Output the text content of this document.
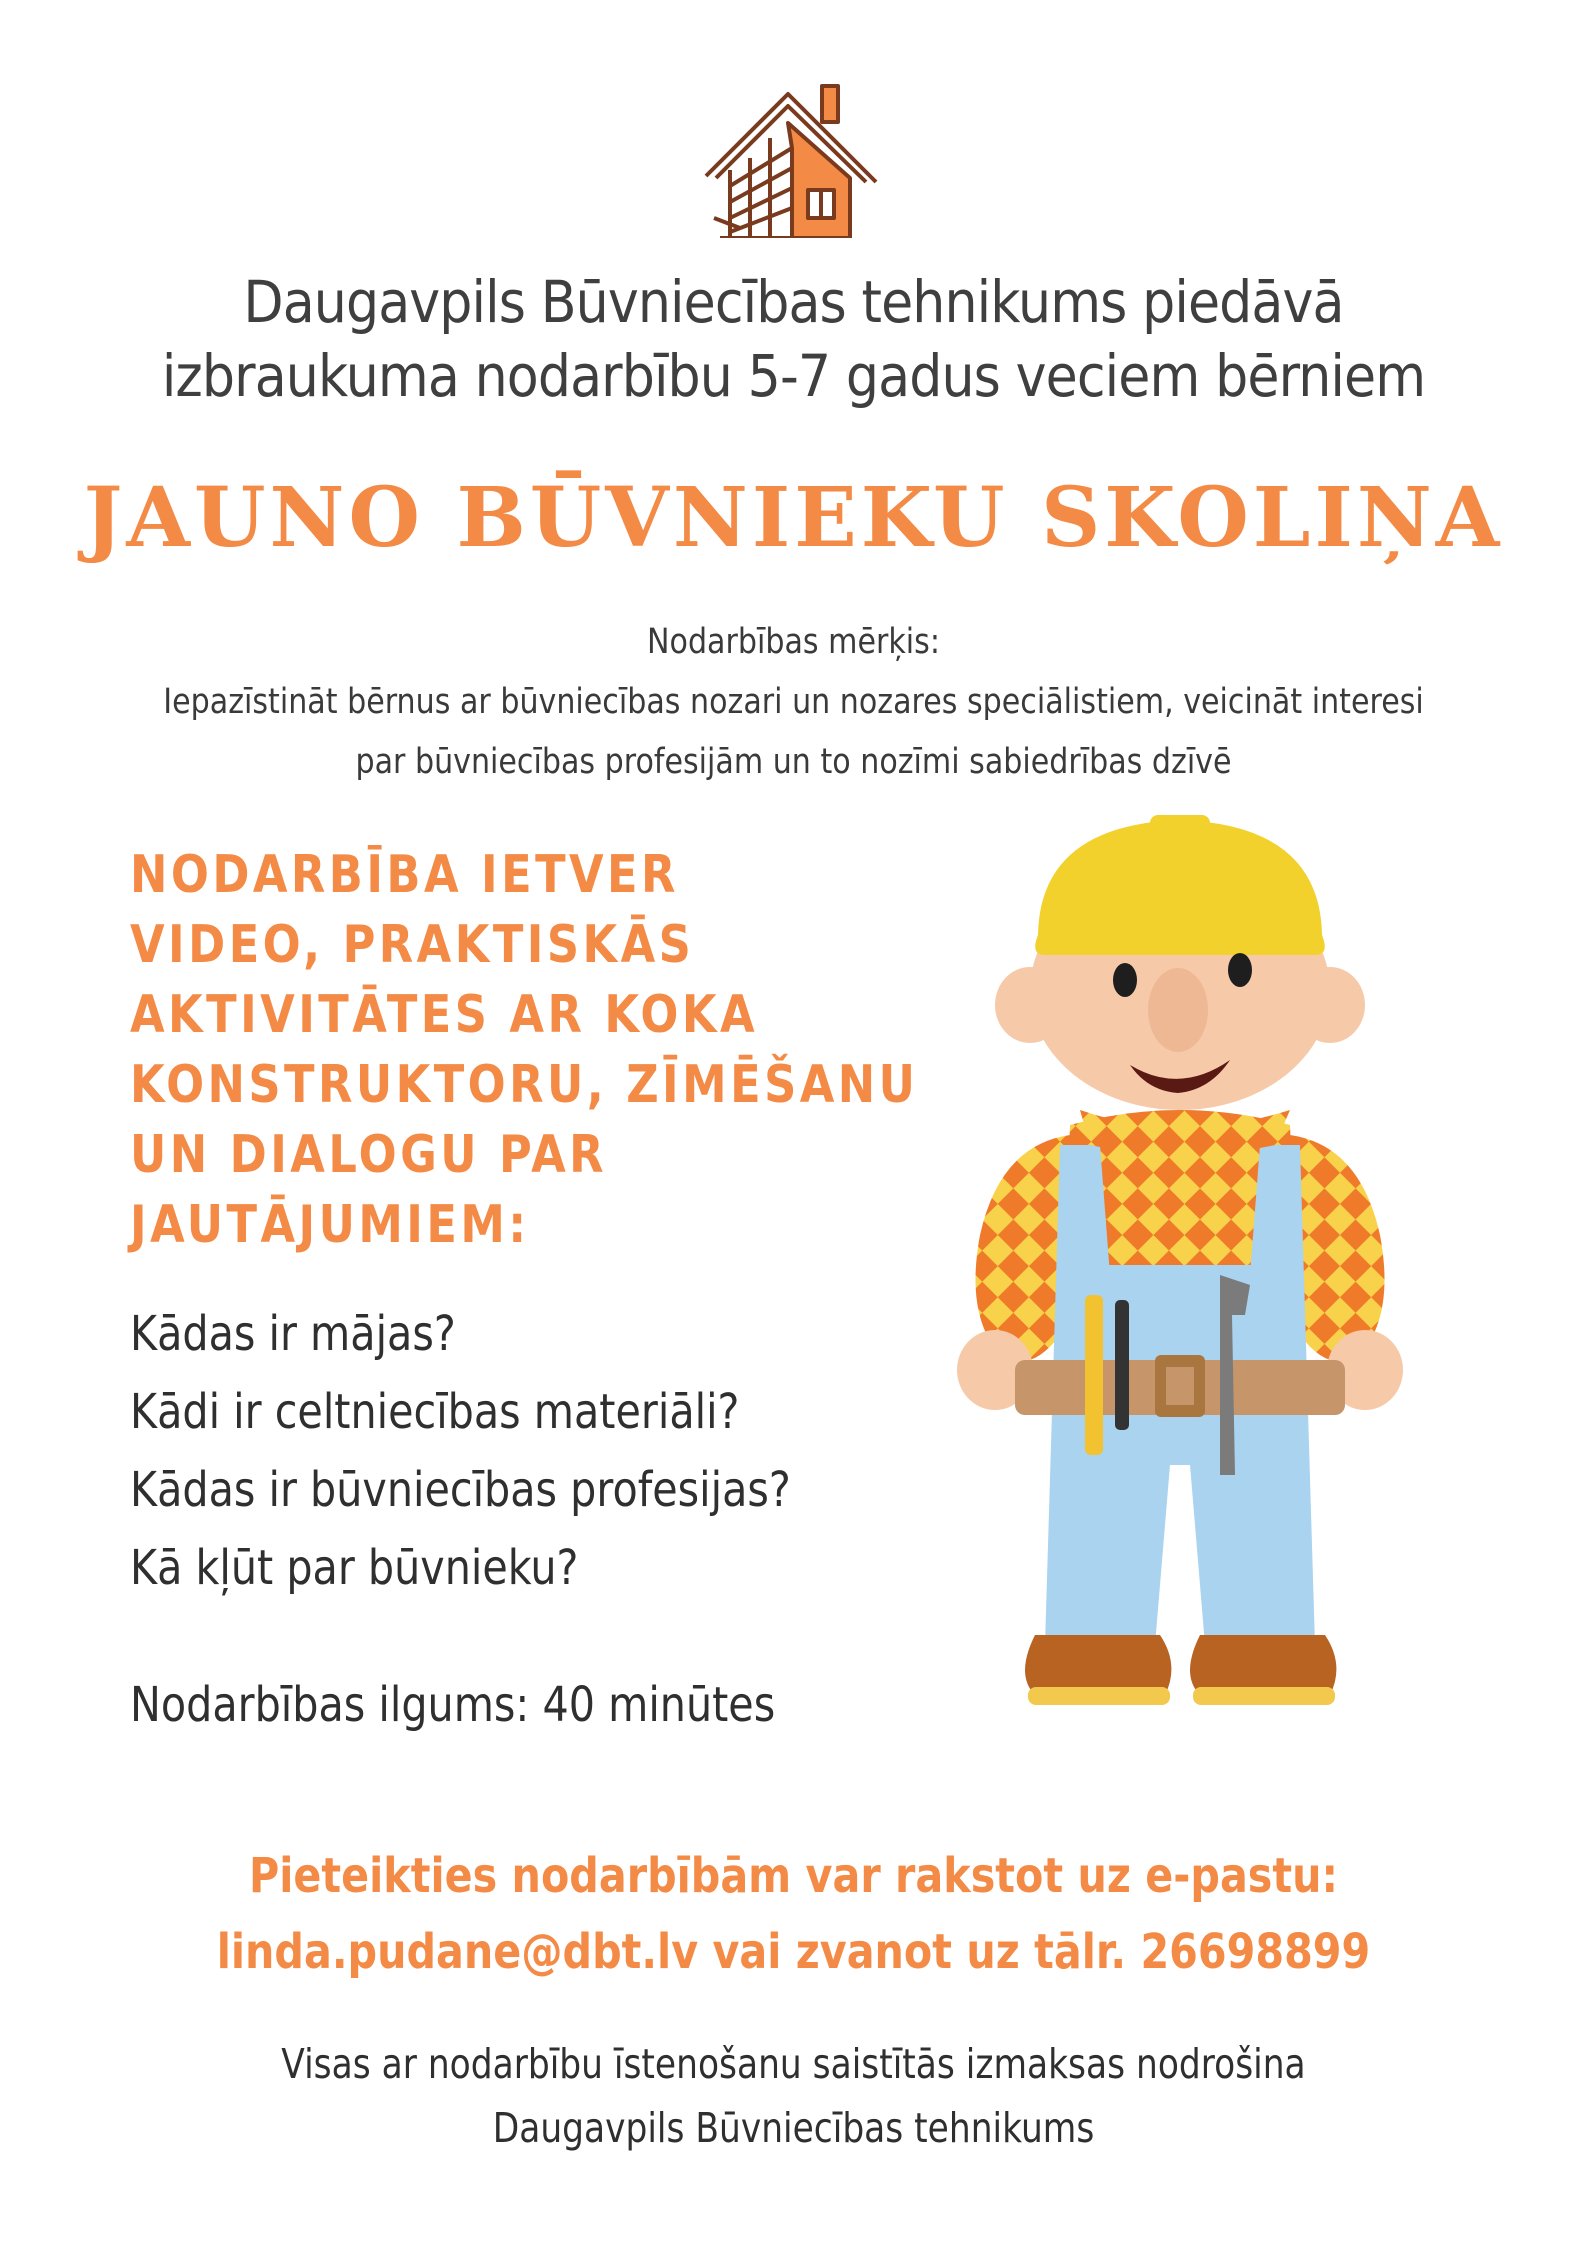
Daugavpils Būvniecības tehnikums piedāvā
izbraukuma nodarbību 5-7 gadus veciem bērniem
JAUNO BŪVNIEKU SKOLIŅA
Nodarbības mērķis:
Iepazīstināt bērnus ar būvniecības nozari un nozares speciālistiem, veicināt interesi
par būvniecības profesijām un to nozīmi sabiedrības dzīvē
NODARBĪBA IETVER
VIDEO, PRAKTISKĀS
AKTIVITĀTES AR KOKA
KONSTRUKTORU, ZĪMĒŠANU
UN DIALOGU PAR
JAUTĀJUMIEM:
Kādas ir mājas?
Kādi ir celtniecības materiāli?
Kādas ir būvniecības profesijas?
Kā kļūt par būvnieku?
Nodarbības ilgums: 40 minūtes
Pieteikties nodarbībām var rakstot uz e-pastu:
linda.pudane@dbt.lv vai zvanot uz tālr. 26698899
Visas ar nodarbību īstenošanu saistītās izmaksas nodrošina
Daugavpils Būvniecības tehnikums
